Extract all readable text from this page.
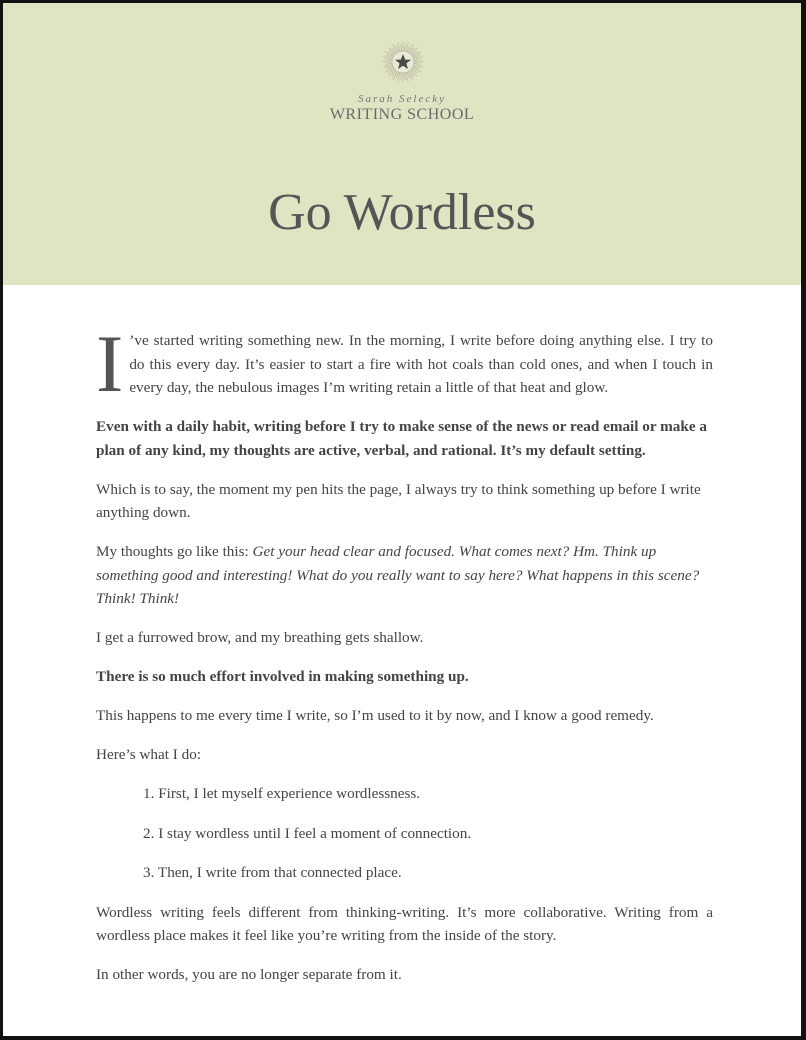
Sarah Selecky
WRITING SCHOOL
Go Wordless

I ’ve started writing something new. In the morning, I write before doing anything else. I try to do this every day. It’s easier to start a fire with hot coals than cold ones, and when I touch in every day, the nebulous images I’m writing retain a little of that heat and glow.

Even with a daily habit, writing before I try to make sense of the news or read email or make a plan of any kind, my thoughts are active, verbal, and rational. It’s my default setting.

Which is to say, the moment my pen hits the page, I always try to think something up before I write anything down.

My thoughts go like this: Get your head clear and focused. What comes next? Hm. Think up something good and interesting! What do you really want to say here? What happens in this scene? Think! Think!

I get a furrowed brow, and my breathing gets shallow.

There is so much effort involved in making something up.

This happens to me every time I write, so I’m used to it by now, and I know a good remedy.

Here’s what I do:

1. First, I let myself experience wordlessness.
2. I stay wordless until I feel a moment of connection.
3. Then, I write from that connected place.

Wordless writing feels different from thinking-writing. It’s more collaborative. Writing from a wordless place makes it feel like you’re writing from the inside of the story.

In other words, you are no longer separate from it.
